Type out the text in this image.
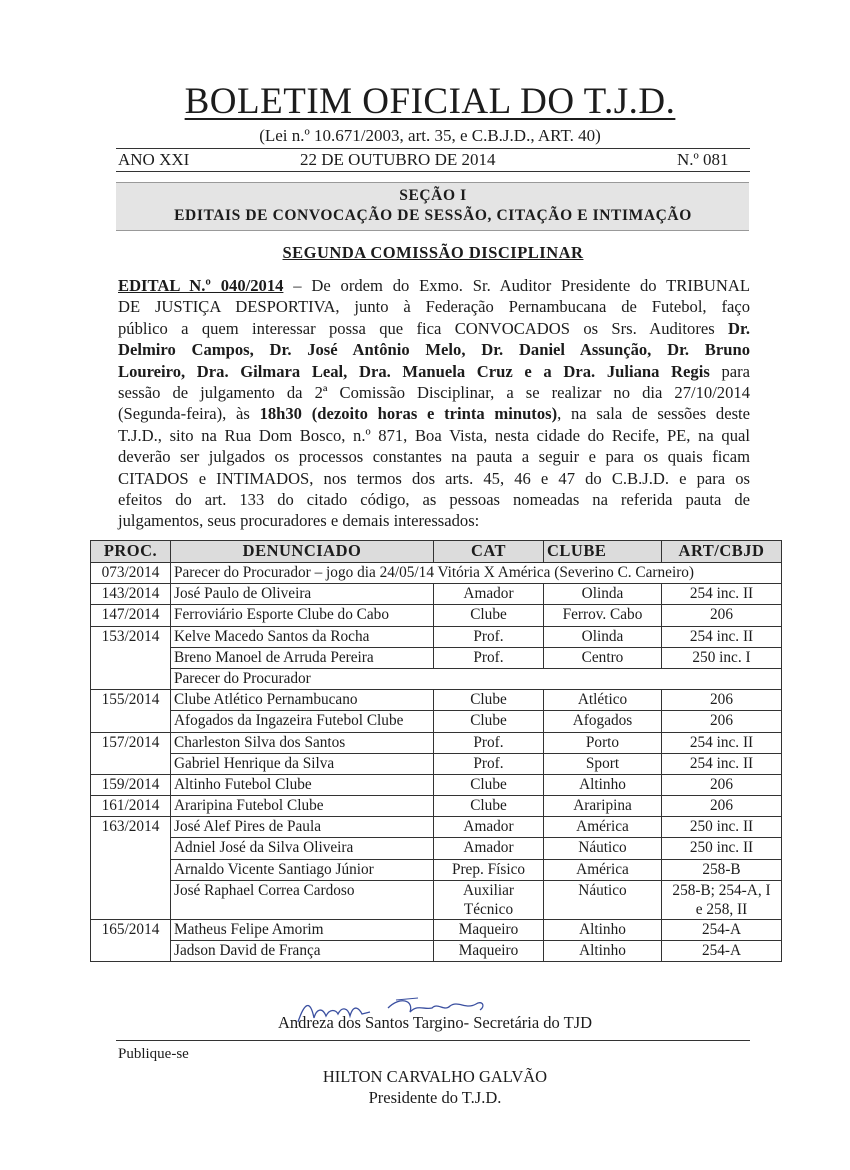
BOLETIM OFICIAL DO T.J.D.
(Lei n.º 10.671/2003, art. 35, e C.B.J.D., ART. 40)
ANO XXI	22 DE OUTUBRO DE 2014	N.º 081
SEÇÃO I
EDITAIS DE CONVOCAÇÃO DE SESSÃO, CITAÇÃO E INTIMAÇÃO
SEGUNDA COMISSÃO DISCIPLINAR
EDITAL N.º 040/2014 – De ordem do Exmo. Sr. Auditor Presidente do TRIBUNAL
DE JUSTIÇA DESPORTIVA, junto à Federação Pernambucana de Futebol, faço
público a quem interessar possa que fica CONVOCADOS os Srs. Auditores Dr.
Delmiro Campos, Dr. José Antônio Melo, Dr. Daniel Assunção, Dr. Bruno
Loureiro, Dra. Gilmara Leal, Dra. Manuela Cruz e a Dra. Juliana Regis para
sessão de julgamento da 2ª Comissão Disciplinar, a se realizar no dia 27/10/2014
(Segunda-feira), às 18h30 (dezoito horas e trinta minutos), na sala de sessões deste
T.J.D., sito na Rua Dom Bosco, n.º 871, Boa Vista, nesta cidade do Recife, PE, na qual
deverão ser julgados os processos constantes na pauta a seguir e para os quais ficam
CITADOS e INTIMADOS, nos termos dos arts. 45, 46 e 47 do C.B.J.D. e para os
efeitos do art. 133 do citado código, as pessoas nomeadas na referida pauta de
julgamentos, seus procuradores e demais interessados:
PROC.	DENUNCIADO	CAT	CLUBE	ART/CBJD
073/2014	Parecer do Procurador – jogo dia 24/05/14 Vitória X América (Severino C. Carneiro)			
143/2014	José Paulo de Oliveira	Amador	Olinda	254 inc. II
147/2014	Ferroviário Esporte Clube do Cabo	Clube	Ferrov. Cabo	206
153/2014	Kelve Macedo Santos da Rocha	Prof.	Olinda	254 inc. II
	Breno Manoel de Arruda Pereira	Prof.	Centro	250 inc. I
	Parecer do Procurador			
155/2014	Clube Atlético Pernambucano	Clube	Atlético	206
	Afogados da Ingazeira Futebol Clube	Clube	Afogados	206
157/2014	Charleston Silva dos Santos	Prof.	Porto	254 inc. II
	Gabriel Henrique da Silva	Prof.	Sport	254 inc. II
159/2014	Altinho Futebol Clube	Clube	Altinho	206
161/2014	Araripina Futebol Clube	Clube	Araripina	206
163/2014	José Alef Pires de Paula	Amador	América	250 inc. II
	Adniel José da Silva Oliveira	Amador	Náutico	250 inc. II
	Arnaldo Vicente Santiago Júnior	Prep. Físico	América	258-B
	José Raphael Correa Cardoso	Auxiliar
Técnico	Náutico	258-B; 254-A, I
e 258, II
165/2014	Matheus Felipe Amorim	Maqueiro	Altinho	254-A
	Jadson David de França	Maqueiro	Altinho	254-A
Andreza dos Santos Targino- Secretária do TJD
Publique-se
HILTON CARVALHO GALVÃO
Presidente do T.J.D.
